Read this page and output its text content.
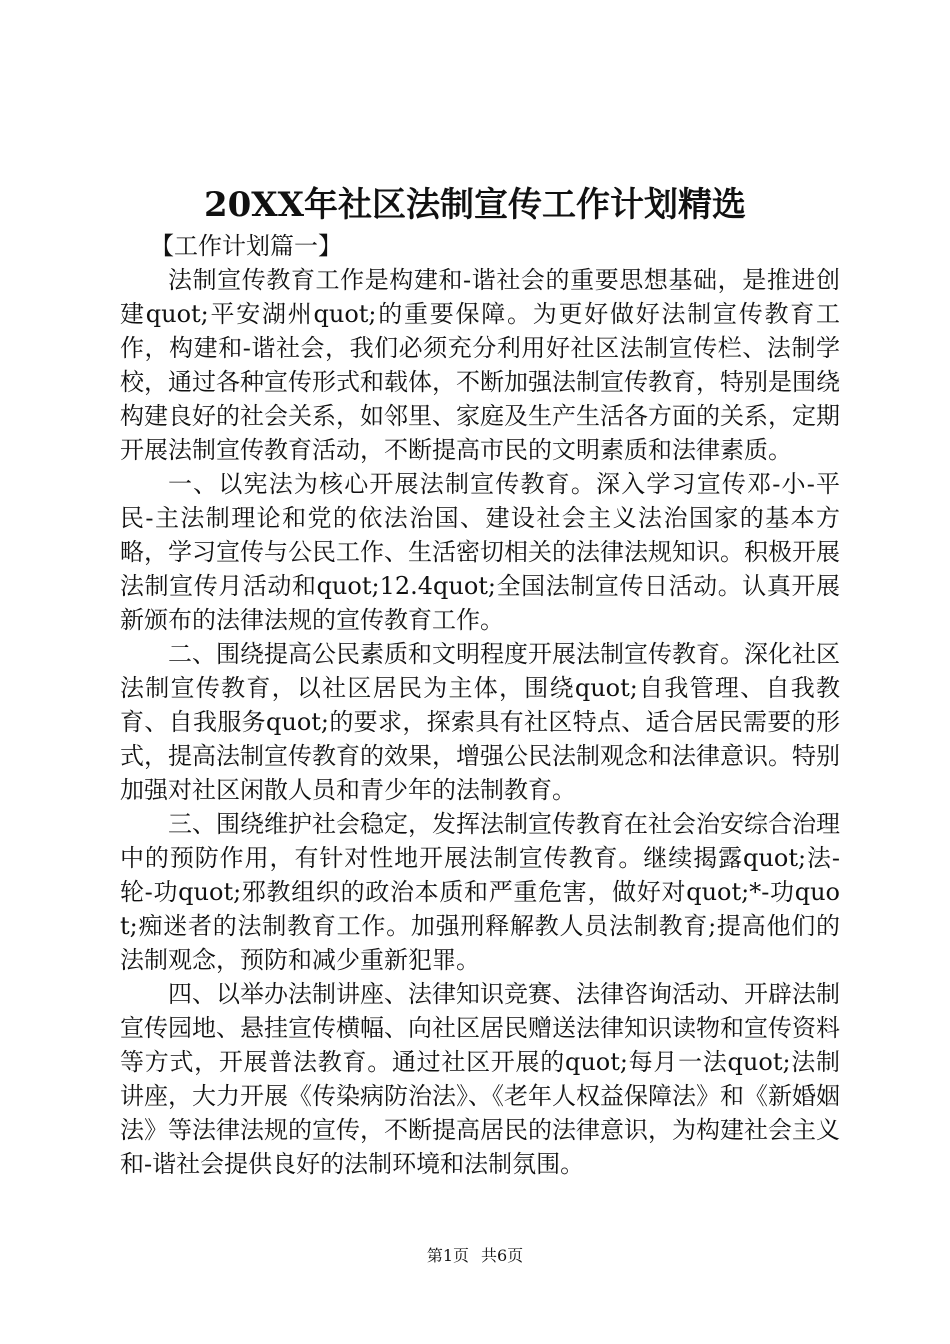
20XX年社区法制宣传工作计划精选

【工作计划篇一】

法制宣传教育工作是构建和-谐社会的重要思想基础，是推进创建quot;平安湖州quot;的重要保障。为更好做好法制宣传教育工作，构建和-谐社会，我们必须充分利用好社区法制宣传栏、法制学校，通过各种宣传形式和载体，不断加强法制宣传教育，特别是围绕构建良好的社会关系，如邻里、家庭及生产生活各方面的关系，定期开展法制宣传教育活动，不断提高市民的文明素质和法律素质。

一、以宪法为核心开展法制宣传教育。深入学习宣传邓-小-平民-主法制理论和党的依法治国、建设社会主义法治国家的基本方略，学习宣传与公民工作、生活密切相关的法律法规知识。积极开展法制宣传月活动和quot;12.4quot;全国法制宣传日活动。认真开展新颁布的法律法规的宣传教育工作。

二、围绕提高公民素质和文明程度开展法制宣传教育。深化社区法制宣传教育，以社区居民为主体，围绕quot;自我管理、自我教育、自我服务quot;的要求，探索具有社区特点、适合居民需要的形式，提高法制宣传教育的效果，增强公民法制观念和法律意识。特别加强对社区闲散人员和青少年的法制教育。

三、围绕维护社会稳定，发挥法制宣传教育在社会治安综合治理中的预防作用，有针对性地开展法制宣传教育。继续揭露quot;法-轮-功quot;邪教组织的政治本质和严重危害，做好对quot;*-功quot;痴迷者的法制教育工作。加强刑释解教人员法制教育;提高他们的法制观念，预防和减少重新犯罪。

四、以举办法制讲座、法律知识竞赛、法律咨询活动、开辟法制宣传园地、悬挂宣传横幅、向社区居民赠送法律知识读物和宣传资料等方式，开展普法教育。通过社区开展的quot;每月一法quot;法制讲座，大力开展《传染病防治法》、《老年人权益保障法》和《新婚姻法》等法律法规的宣传，不断提高居民的法律意识，为构建社会主义和-谐社会提供良好的法制环境和法制氛围。

第1页 共6页
